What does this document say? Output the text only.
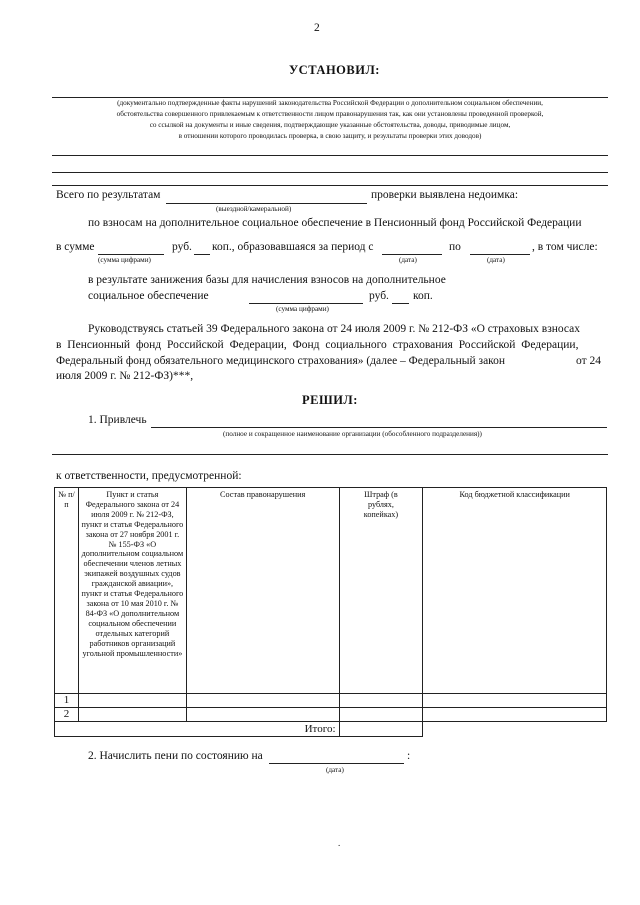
2
УСТАНОВИЛ:
(документально подтвержденные факты нарушений законодательства Российской Федерации о дополнительном социальном обеспечении,
обстоятельства совершенного привлекаемым к ответственности лицом правонарушения так, как они установлены проведенной проверкой,
со ссылкой на документы и иные сведения, подтверждающие указанные обстоятельства, доводы, приводимые лицом,
в отношении которого проводилась проверка, в свою защиту, и результаты проверки этих доводов)
Всего по результатам	проверки выявлена недоимка:
(выездной/камеральной)
по взносам на дополнительное социальное обеспечение в Пенсионный фонд Российской Федерации
в сумме	руб. коп., образовавшаяся за период с	по	, в том числе:
(сумма цифрами)	(дата)	(дата)
в результате занижения базы для начисления взносов на дополнительное
социальное обеспечение	руб. коп.
(сумма цифрами)
Руководствуясь статьей 39 Федерального закона от 24 июля 2009 г. № 212-ФЗ «О страховых взносах
в Пенсионный фонд Российской Федерации, Фонд социального страхования Российской Федерации,
Федеральный фонд обязательного медицинского страхования» (далее – Федеральный закон	от 24
июля 2009 г. № 212-ФЗ)***,
РЕШИЛ:
1. Привлечь
(полное и сокращенное наименование организации (обособленного подразделения))
к ответственности, предусмотренной:
№ п/п	Пункт и статья Федерального закона от 24 июля 2009 г. № 212-ФЗ, пункт и статья Федерального закона от 27 ноября 2001 г. № 155-ФЗ «О дополнительном социальном обеспечении членов летных экипажей воздушных судов гражданской авиации», пункт и статья Федерального закона от 10 мая 2010 г. № 84-ФЗ «О дополнительном социальном обеспечении отдельных категорий работников организаций угольной промышленности»	Состав правонарушения	Штраф (в рублях, копейках)	Код бюджетной классификации
1				
2				
Итого:				
2. Начислить пени по состоянию на	:
(дата)
.
